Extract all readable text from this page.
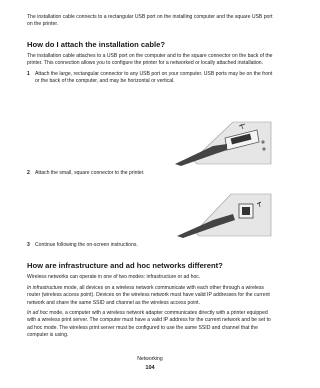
The installation cable connects to a rectangular USB port on the installing computer and the square USB port on the printer.

How do I attach the installation cable?

The installation cable attaches to a USB port on the computer and to the square connector on the back of the printer. This connection allows you to configure the printer for a networked or locally attached installation.

1 Attach the large, rectangular connector to any USB port on your computer. USB ports may be on the front or the back of the computer, and may be horizontal or vertical.
2 Attach the small, square connector to the printer.
3 Continue following the on-screen instructions.
How are infrastructure and ad hoc networks different?

Wireless networks can operate in one of two modes: infrastructure or ad hoc.

In infrastructure mode, all devices on a wireless network communicate with each other through a wireless router (wireless access point). Devices on the wireless network must have valid IP addresses for the current network and share the same SSID and channel as the wireless access point.

In ad hoc mode, a computer with a wireless network adapter communicates directly with a printer equipped with a wireless print server. The computer must have a valid IP address for the current network and be set to ad hoc mode. The wireless print server must be configured to use the same SSID and channel that the computer is using.

Networking
104
